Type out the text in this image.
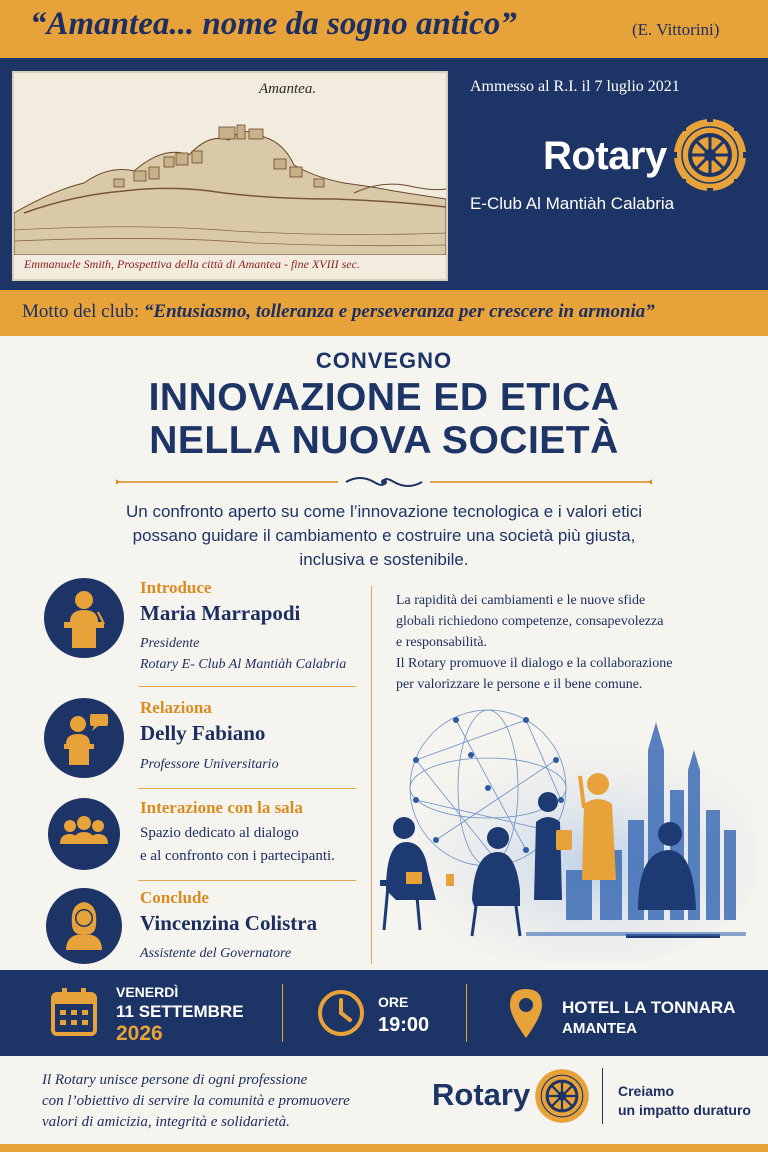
“Amantea... nome da sogno antico”	(E. Vittorini)
Amantea.
Emmanuele Smith, Prospettiva della città di Amantea - fine XVIII sec.
Ammesso al R.I. il 7 luglio 2021
Rotary
E-Club Al Mantiàh Calabria
Motto del club: “Entusiasmo, tolleranza e perseveranza per crescere in armonia”
CONVEGNO
INNOVAZIONE ED ETICA
NELLA NUOVA SOCIETÀ
Un confronto aperto su come l’innovazione tecnologica e i valori etici
possano guidare il cambiamento e costruire una società più giusta,
inclusiva e sostenibile.
Introduce
Maria Marrapodi
Presidente
Rotary E- Club Al Mantiàh Calabria
Relaziona
Delly Fabiano
Professore Universitario
Interazione con la sala
Spazio dedicato al dialogo
e al confronto con i partecipanti.
Conclude
Vincenzina Colistra
Assistente del Governatore
La rapidità dei cambiamenti e le nuove sfide
globali richiedono competenze, consapevolezza
e responsabilità.
Il Rotary promuove il dialogo e la collaborazione
per valorizzare le persone e il bene comune.
VENERDÌ
11 SETTEMBRE
2026
ORE
19:00
HOTEL LA TONNARA
AMANTEA
Il Rotary unisce persone di ogni professione
con l’obiettivo di servire la comunità e promuovere
valori di amicizia, integrità e solidarietà.
Rotary	Creiamo
un impatto duraturo
